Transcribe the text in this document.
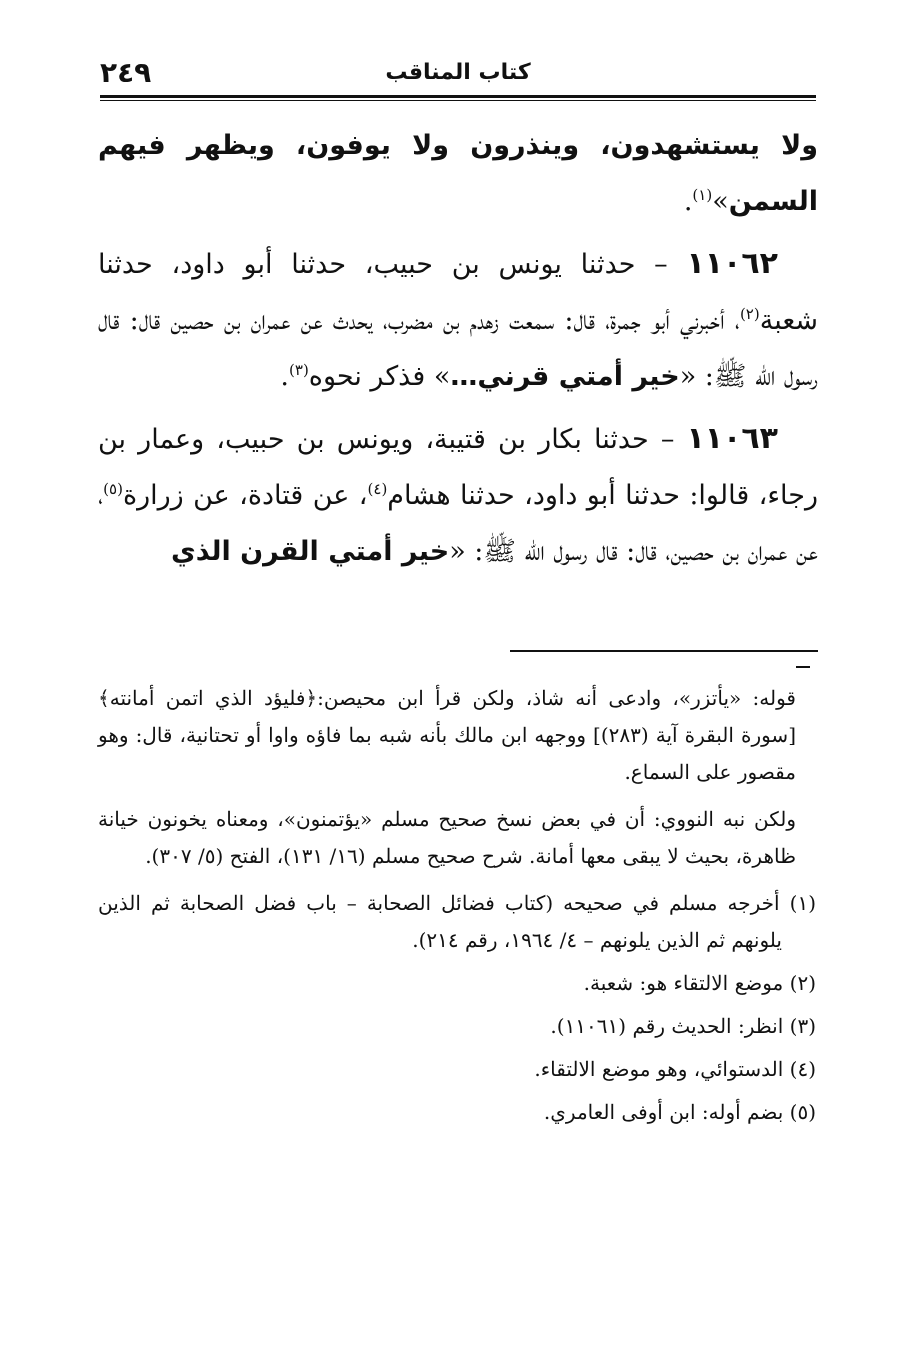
كتاب المناقب
٢٤٩

ولا يستشهدون، وينذرون ولا يوفون، ويظهر فيهم السمن»$^{(١)}$.

١١٠٦٢ – حدثنا يونس بن حبيب، حدثنا أبو داود، حدثنا شعبة$^{(٢)}$، أخبرني أبو جمرة، قال: سمعت زهدم بن مضرب، يحدث عن عمران بن حصين قال: قال رسول الله ﷺ: «خير أمتي قرني…» فذكر نحوه$^{(٣)}$.

١١٠٦٣ – حدثنا بكار بن قتيبة، ويونس بن حبيب، وعمار بن رجاء، قالوا: حدثنا أبو داود، حدثنا هشام$^{(٤)}$، عن قتادة، عن زرارة$^{(٥)}$، عن عمران بن حصين، قال: قال رسول الله ﷺ: «خير أمتي القرن الذي

قوله: «يأتزر»، وادعى أنه شاذ، ولكن قرأ ابن محيصن:﴿فليؤد الذي اتمن أمانته﴾ [سورة البقرة آية (٢٨٣)] ووجهه ابن مالك بأنه شبه بما فاؤه واوا أو تحتانية، قال: وهو مقصور على السماع.

ولكن نبه النووي: أن في بعض نسخ صحيح مسلم «يؤتمنون»، ومعناه يخونون خيانة ظاهرة، بحيث لا يبقى معها أمانة. شرح صحيح مسلم (١٦/ ١٣١)، الفتح (٥/ ٣٠٧).

(١) أخرجه مسلم في صحيحه (كتاب فضائل الصحابة – باب فضل الصحابة ثم الذين يلونهم ثم الذين يلونهم – ٤/ ١٩٦٤، رقم ٢١٤).

(٢) موضع الالتقاء هو: شعبة.

(٣) انظر: الحديث رقم (١١٠٦١).

(٤) الدستوائي، وهو موضع الالتقاء.

(٥) بضم أوله: ابن أوفى العامري.
